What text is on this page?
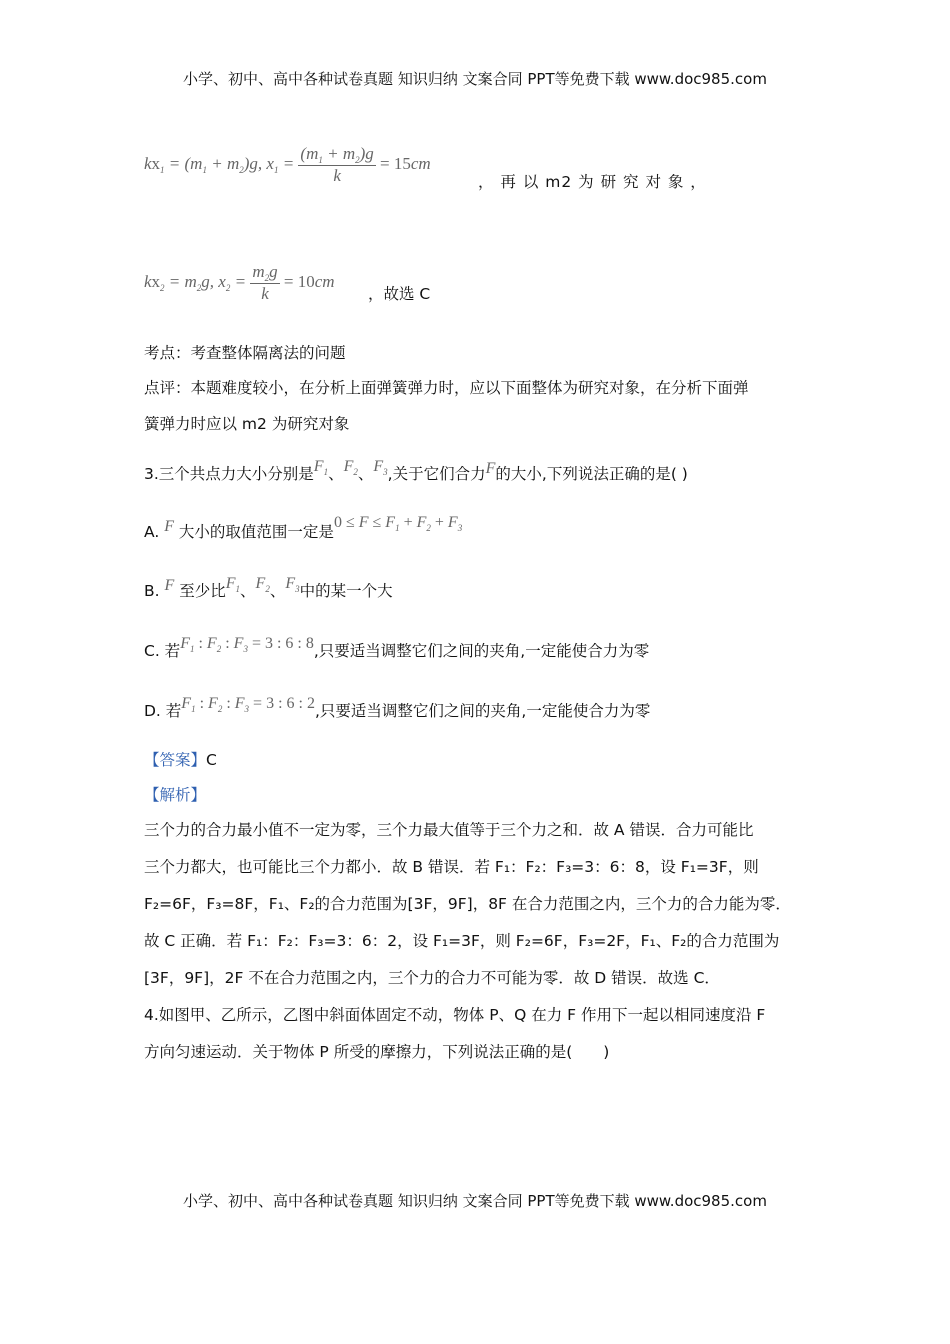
小学、初中、高中各种试卷真题 知识归纳 文案合同 PPT等免费下载 www.doc985.com
$kx_1 = (m_1 + m_2)g$, $x_1 = \frac{(m_1 + m_2)g}{k} = 15cm$
， 再 以 m2 为 研 究 对 象 ，
$kx_2 = m_2g$, $x_2 = \frac{m_2g}{k} = 10cm$
，故选 C
考点：考查整体隔离法的问题
点评：本题难度较小，在分析上面弹簧弹力时，应以下面整体为研究对象，在分析下面弹
簧弹力时应以 m2 为研究对象
3.三个共点力大小分别是$F_1$、$F_2$、$F_3$,关于它们合力F的大小,下列说法正确的是( )
A. F 大小的取值范围一定是$0 \le F \le F_1 + F_2 + F_3$
B. F 至少比$F_1$、$F_2$、$F_3$中的某一个大
C. 若$F_1$ : $F_2$ : $F_3 = 3$ : 6 : 8,只要适当调整它们之间的夹角,一定能使合力为零
D. 若$F_1$ : $F_2$ : $F_3 = 3$ : 6 : 2,只要适当调整它们之间的夹角,一定能使合力为零
【答案】C
【解析】
三个力的合力最小值不一定为零，三个力最大值等于三个力之和．故 A 错误．合力可能比
三个力都大，也可能比三个力都小．故 B 错误．若 F₁：F₂：F₃=3：6：8，设 F₁=3F，则
F₂=6F，F₃=8F，F₁、F₂的合力范围为[3F，9F]，8F 在合力范围之内，三个力的合力能为零．
故 C 正确．若 F₁：F₂：F₃=3：6：2，设 F₁=3F，则 F₂=6F，F₃=2F，F₁、F₂的合力范围为
[3F，9F]，2F 不在合力范围之内，三个力的合力不可能为零．故 D 错误．故选 C．
4.如图甲、乙所示，乙图中斜面体固定不动，物体 P、Q 在力 F 作用下一起以相同速度沿 F
方向匀速运动．关于物体 P 所受的摩擦力，下列说法正确的是(　　)
小学、初中、高中各种试卷真题 知识归纳 文案合同 PPT等免费下载 www.doc985.com
